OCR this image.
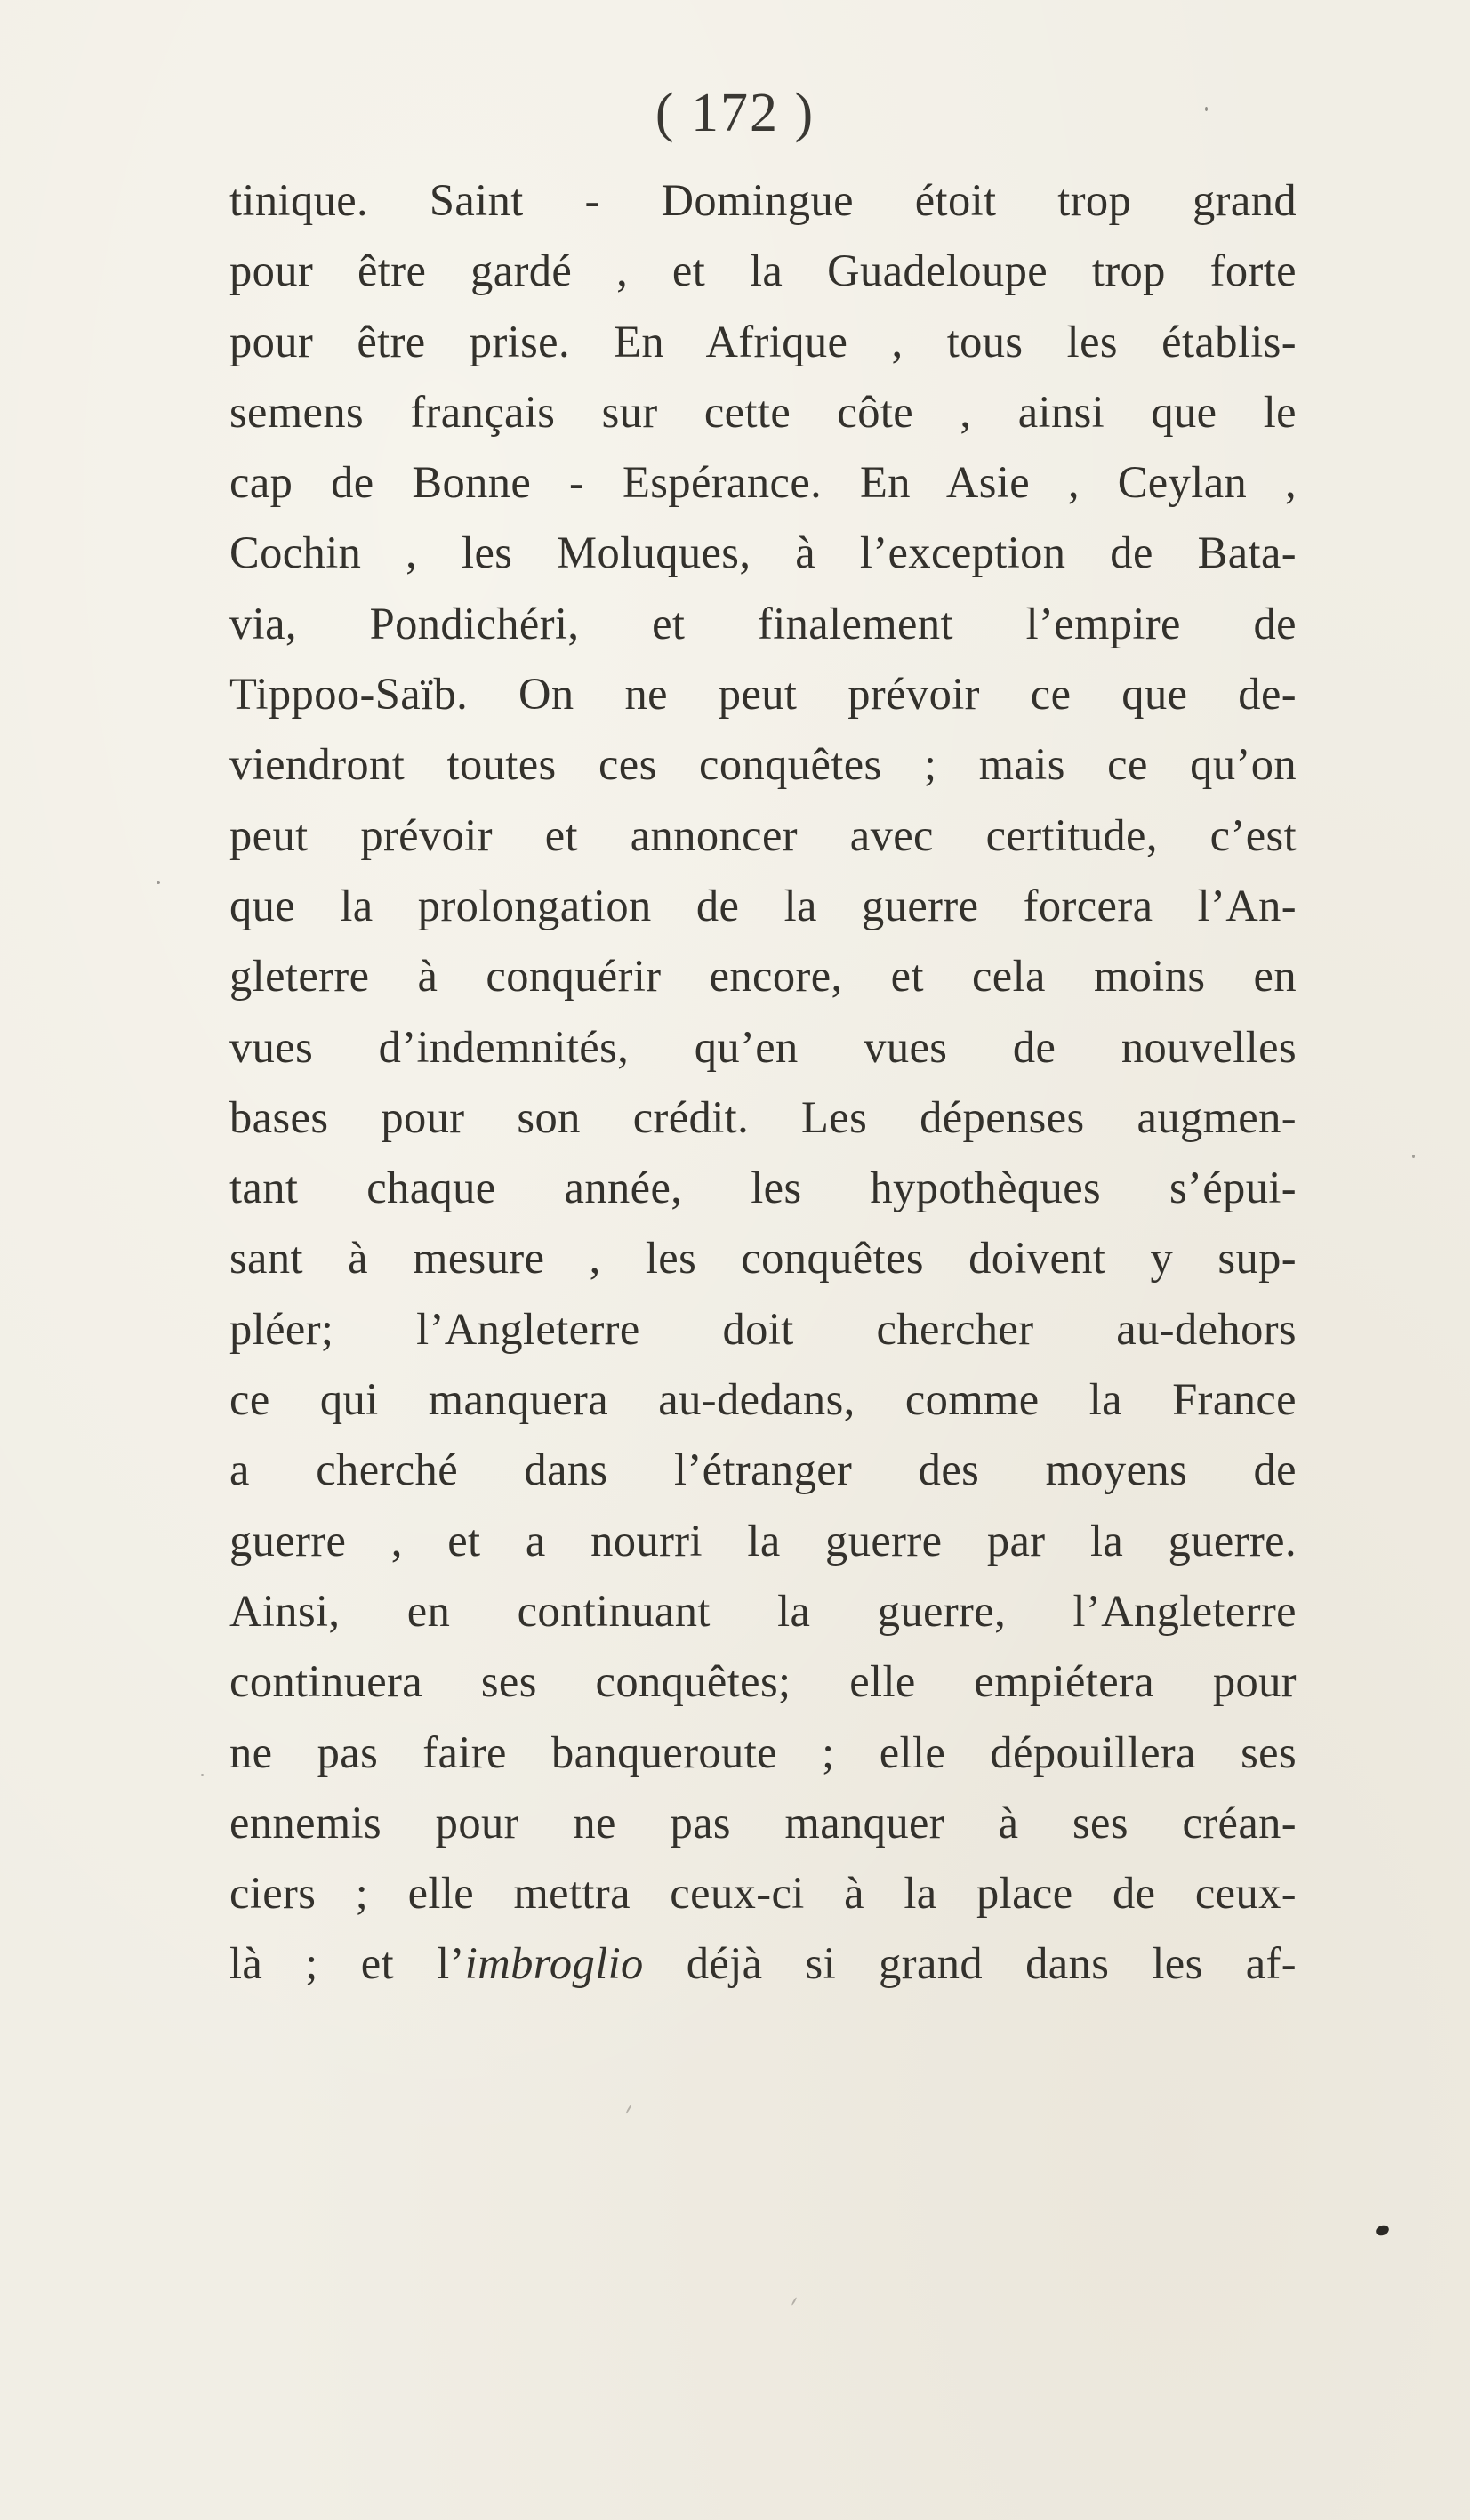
( 172 )
tinique. Saint - Domingue étoit trop grand
pour être gardé , et la Guadeloupe trop forte
pour être prise. En Afrique , tous les établis-
semens français sur cette côte , ainsi que le
cap de Bonne - Espérance. En Asie , Ceylan ,
Cochin , les Moluques, à l’exception de Bata-
via, Pondichéri, et finalement l’empire de
Tippoo-Saïb. On ne peut prévoir ce que de-
viendront toutes ces conquêtes ; mais ce qu’on
peut prévoir et annoncer avec certitude, c’est
que la prolongation de la guerre forcera l’An-
gleterre à conquérir encore, et cela moins en
vues d’indemnités, qu’en vues de nouvelles
bases pour son crédit. Les dépenses augmen-
tant chaque année, les hypothèques s’épui-
sant à mesure , les conquêtes doivent y sup-
pléer; l’Angleterre doit chercher au-dehors
ce qui manquera au-dedans, comme la France
a cherché dans l’étranger des moyens de
guerre , et a nourri la guerre par la guerre.
Ainsi, en continuant la guerre, l’Angleterre
continuera ses conquêtes; elle empiétera pour
ne pas faire banqueroute ; elle dépouillera ses
ennemis pour ne pas manquer à ses créan-
ciers ; elle mettra ceux-ci à la place de ceux-
là ; et l’imbroglio déjà si grand dans les af-
